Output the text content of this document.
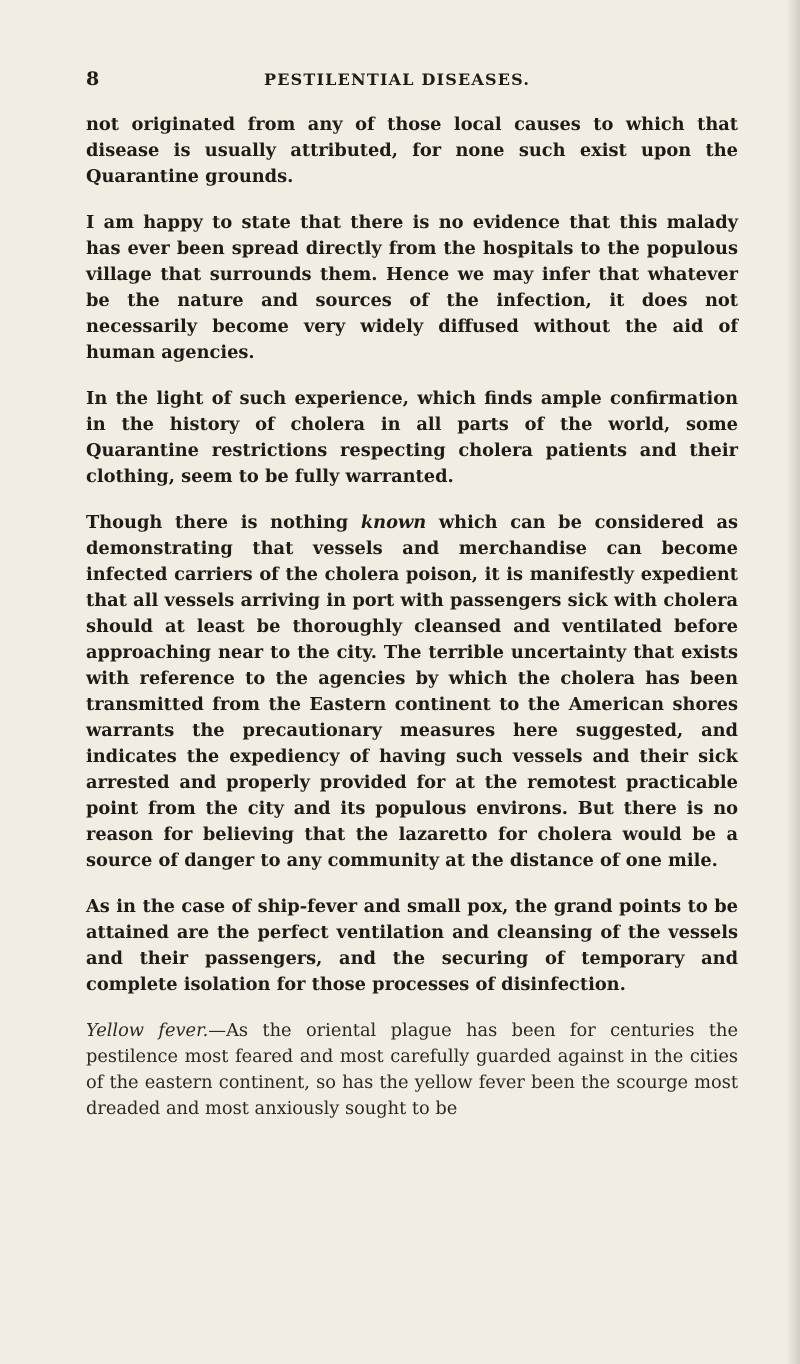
8	PESTILENTIAL DISEASES.

not originated from any of those local causes to which that disease is usually attributed, for none such exist upon the Quarantine grounds.

I am happy to state that there is no evidence that this malady has ever been spread directly from the hospitals to the populous village that surrounds them. Hence we may infer that whatever be the nature and sources of the infection, it does not necessarily become very widely diffused without the aid of human agencies.

In the light of such experience, which finds ample confirmation in the history of cholera in all parts of the world, some Quarantine restrictions respecting cholera patients and their clothing, seem to be fully warranted.

Though there is nothing known which can be considered as demonstrating that vessels and merchandise can become infected carriers of the cholera poison, it is manifestly expedient that all vessels arriving in port with passengers sick with cholera should at least be thoroughly cleansed and ventilated before approaching near to the city. The terrible uncertainty that exists with reference to the agencies by which the cholera has been transmitted from the Eastern continent to the American shores warrants the precautionary measures here suggested, and indicates the expediency of having such vessels and their sick arrested and properly provided for at the remotest practicable point from the city and its populous environs. But there is no reason for believing that the lazaretto for cholera would be a source of danger to any community at the distance of one mile.

As in the case of ship-fever and small pox, the grand points to be attained are the perfect ventilation and cleansing of the vessels and their passengers, and the securing of temporary and complete isolation for those processes of disinfection.

Yellow fever.—As the oriental plague has been for centuries the pestilence most feared and most carefully guarded against in the cities of the eastern continent, so has the yellow fever been the scourge most dreaded and most anxiously sought to be
